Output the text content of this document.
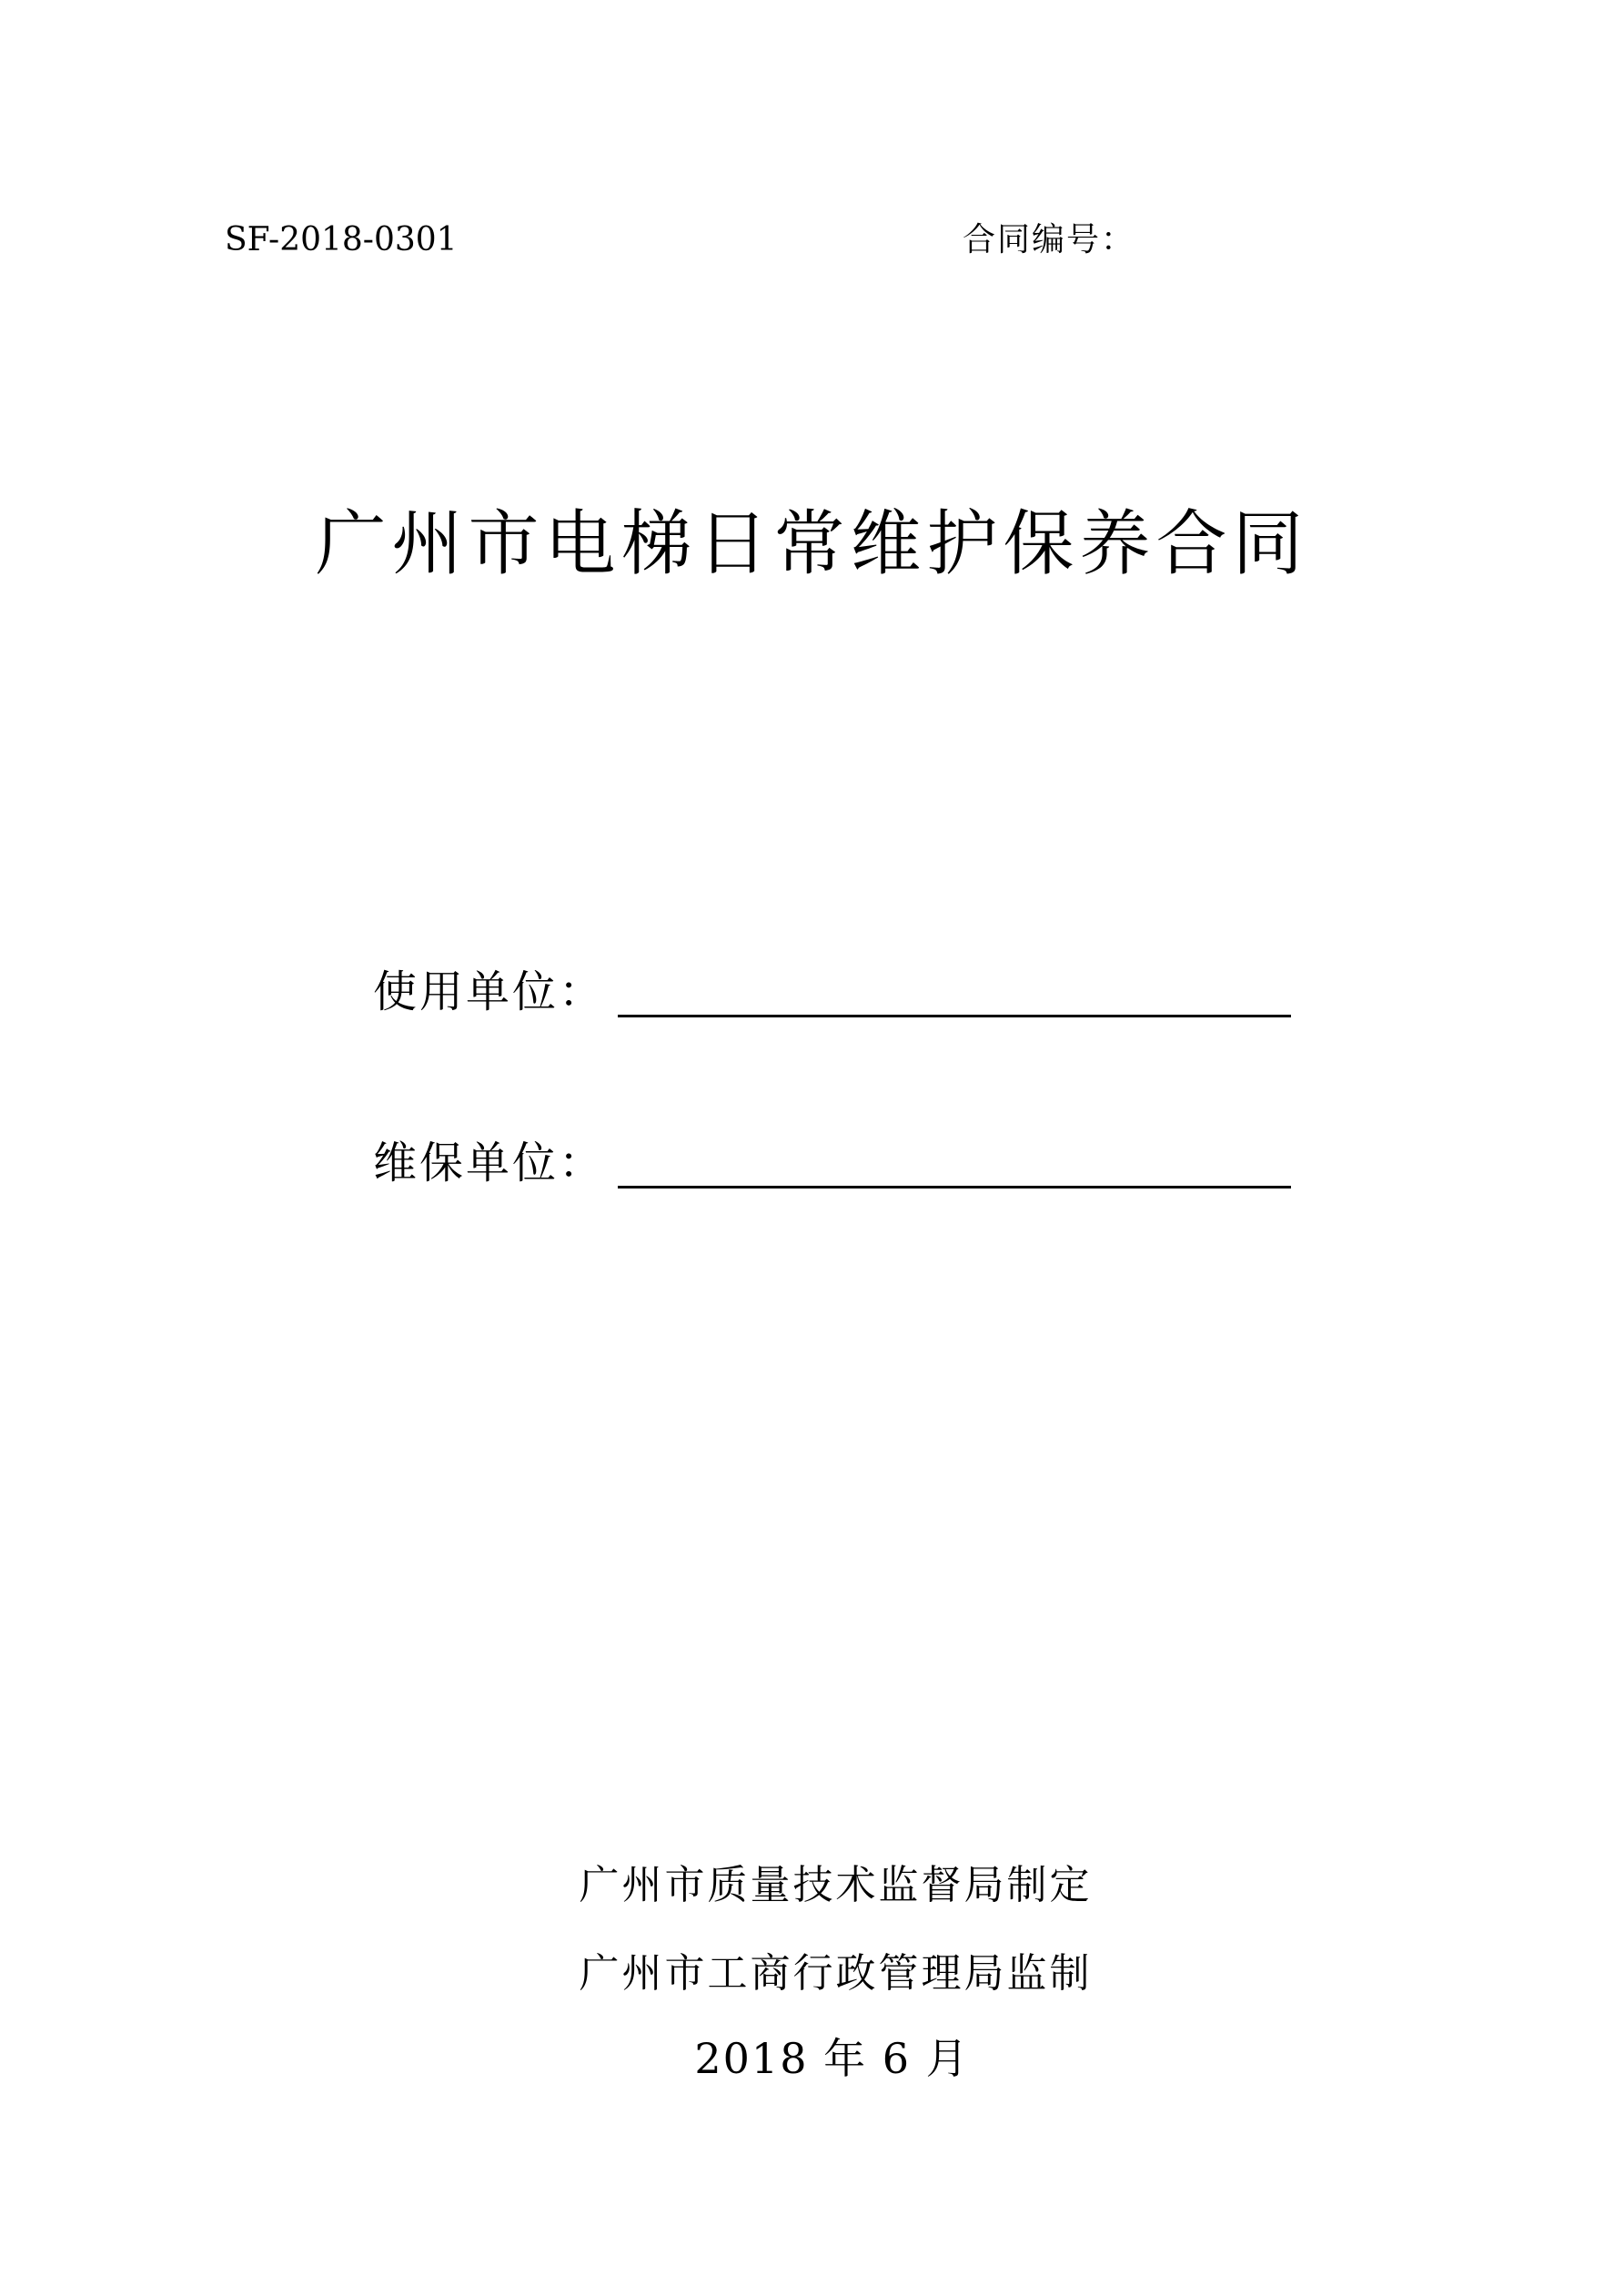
SF-2018-0301	合同编号：
广州市电梯日常维护保养合同
使用单位：
维保单位：
广州市质量技术监督局制定
广州市工商行政管理局监制
2018 年 6 月
